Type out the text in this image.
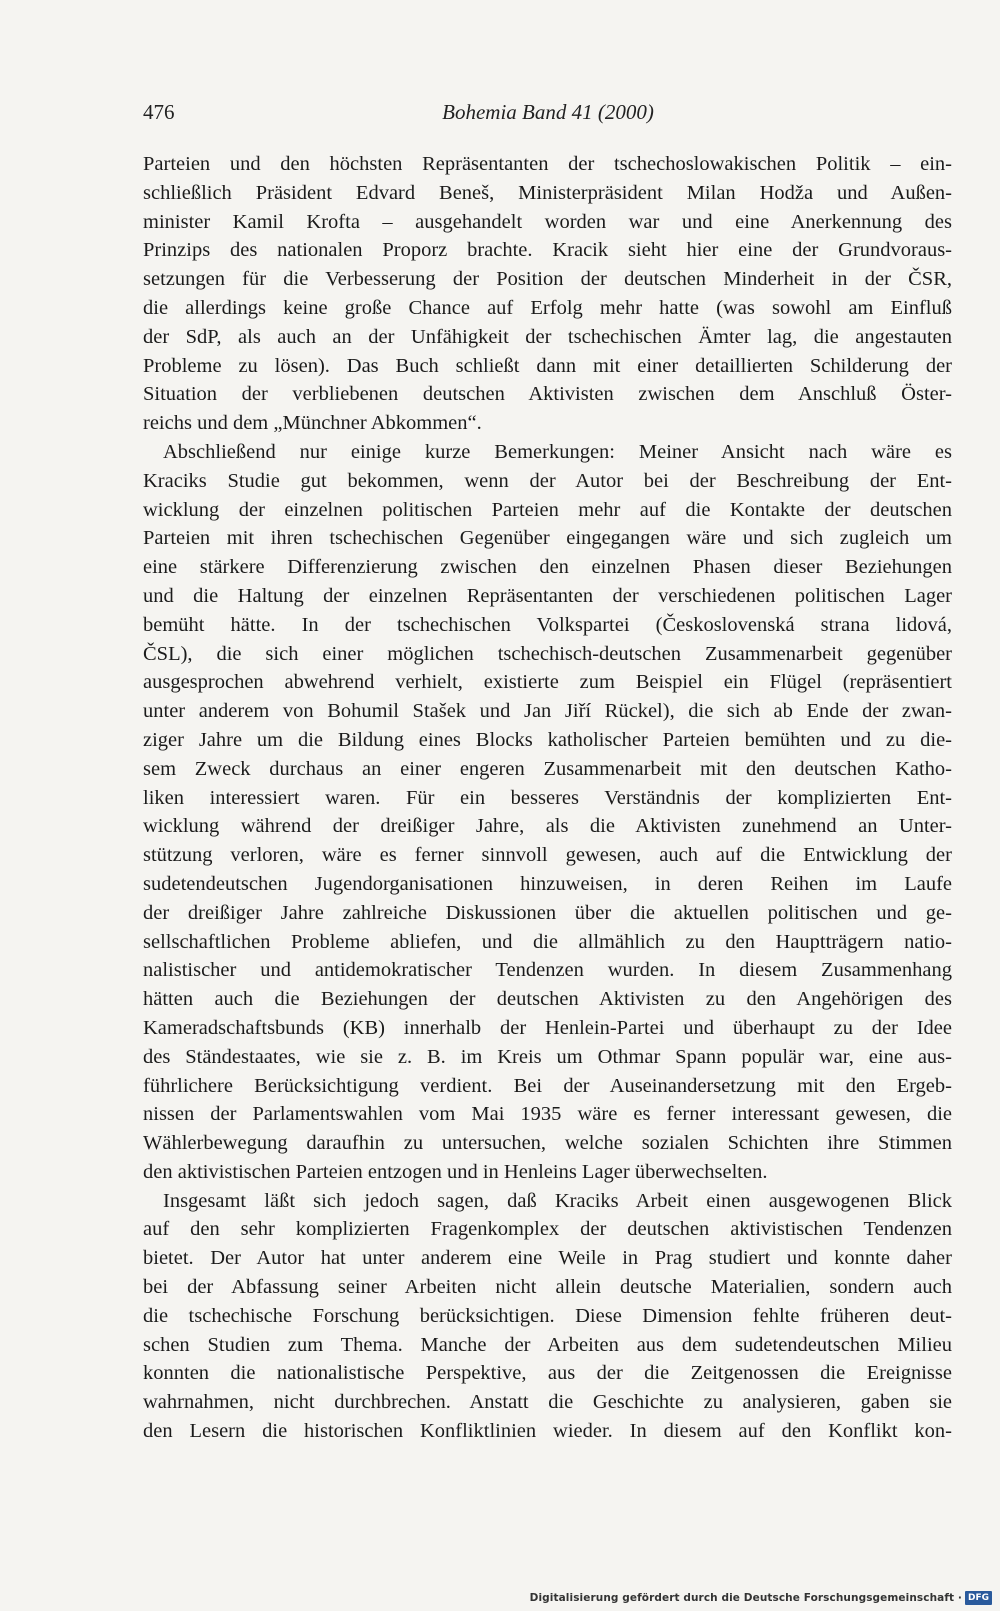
476	Bohemia Band 41 (2000)
Parteien und den höchsten Repräsentanten der tschechoslowakischen Politik – ein-
schließlich Präsident Edvard Beneš, Ministerpräsident Milan Hodža und Außen-
minister Kamil Krofta – ausgehandelt worden war und eine Anerkennung des
Prinzips des nationalen Proporz brachte. Kracik sieht hier eine der Grundvoraus-
setzungen für die Verbesserung der Position der deutschen Minderheit in der ČSR,
die allerdings keine große Chance auf Erfolg mehr hatte (was sowohl am Einfluß
der SdP, als auch an der Unfähigkeit der tschechischen Ämter lag, die angestauten
Probleme zu lösen). Das Buch schließt dann mit einer detaillierten Schilderung der
Situation der verbliebenen deutschen Aktivisten zwischen dem Anschluß Öster-
reichs und dem „Münchner Abkommen“.
Abschließend nur einige kurze Bemerkungen: Meiner Ansicht nach wäre es
Kraciks Studie gut bekommen, wenn der Autor bei der Beschreibung der Ent-
wicklung der einzelnen politischen Parteien mehr auf die Kontakte der deutschen
Parteien mit ihren tschechischen Gegenüber eingegangen wäre und sich zugleich um
eine stärkere Differenzierung zwischen den einzelnen Phasen dieser Beziehungen
und die Haltung der einzelnen Repräsentanten der verschiedenen politischen Lager
bemüht hätte. In der tschechischen Volkspartei (Československá strana lidová,
ČSL), die sich einer möglichen tschechisch-deutschen Zusammenarbeit gegenüber
ausgesprochen abwehrend verhielt, existierte zum Beispiel ein Flügel (repräsentiert
unter anderem von Bohumil Stašek und Jan Jiří Rückel), die sich ab Ende der zwan-
ziger Jahre um die Bildung eines Blocks katholischer Parteien bemühten und zu die-
sem Zweck durchaus an einer engeren Zusammenarbeit mit den deutschen Katho-
liken interessiert waren. Für ein besseres Verständnis der komplizierten Ent-
wicklung während der dreißiger Jahre, als die Aktivisten zunehmend an Unter-
stützung verloren, wäre es ferner sinnvoll gewesen, auch auf die Entwicklung der
sudetendeutschen Jugendorganisationen hinzuweisen, in deren Reihen im Laufe
der dreißiger Jahre zahlreiche Diskussionen über die aktuellen politischen und ge-
sellschaftlichen Probleme abliefen, und die allmählich zu den Hauptträgern natio-
nalistischer und antidemokratischer Tendenzen wurden. In diesem Zusammenhang
hätten auch die Beziehungen der deutschen Aktivisten zu den Angehörigen des
Kameradschaftsbunds (KB) innerhalb der Henlein-Partei und überhaupt zu der Idee
des Ständestaates, wie sie z. B. im Kreis um Othmar Spann populär war, eine aus-
führlichere Berücksichtigung verdient. Bei der Auseinandersetzung mit den Ergeb-
nissen der Parlamentswahlen vom Mai 1935 wäre es ferner interessant gewesen, die
Wählerbewegung daraufhin zu untersuchen, welche sozialen Schichten ihre Stimmen
den aktivistischen Parteien entzogen und in Henleins Lager überwechselten.
Insgesamt läßt sich jedoch sagen, daß Kraciks Arbeit einen ausgewogenen Blick
auf den sehr komplizierten Fragenkomplex der deutschen aktivistischen Tendenzen
bietet. Der Autor hat unter anderem eine Weile in Prag studiert und konnte daher
bei der Abfassung seiner Arbeiten nicht allein deutsche Materialien, sondern auch
die tschechische Forschung berücksichtigen. Diese Dimension fehlte früheren deut-
schen Studien zum Thema. Manche der Arbeiten aus dem sudetendeutschen Milieu
konnten die nationalistische Perspektive, aus der die Zeitgenossen die Ereignisse
wahrnahmen, nicht durchbrechen. Anstatt die Geschichte zu analysieren, gaben sie
den Lesern die historischen Konfliktlinien wieder. In diesem auf den Konflikt kon-
Digitalisierung gefördert durch die Deutsche Forschungsgemeinschaft · DFG
